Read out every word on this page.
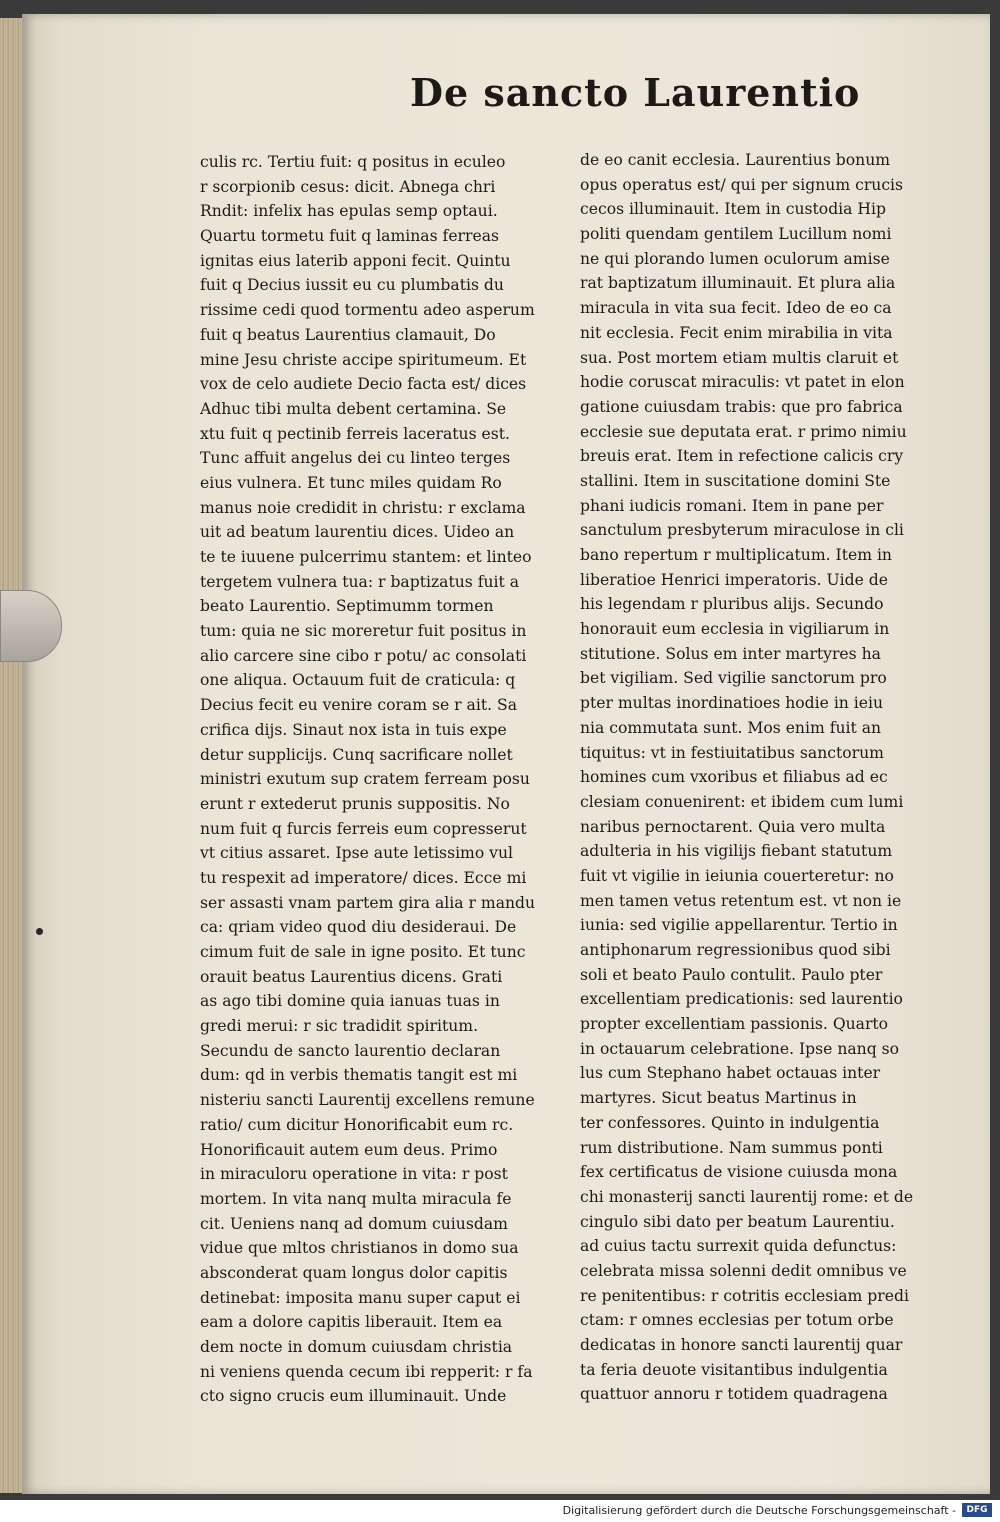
De sancto Laurentio
culis rc. Tertiu fuit: q positus in eculeo
r scorpionib cesus: dicit. Abnega chri
Rndit: infelix has epulas semp optaui.
Quartu tormetu fuit q laminas ferreas
ignitas eius laterib apponi fecit. Quintu
fuit q Decius iussit eu cu plumbatis du
rissime cedi quod tormentu adeo asperum
fuit q beatus Laurentius clamauit, Do
mine Jesu christe accipe spiritumeum. Et
vox de celo audiete Decio facta est/ dices
Adhuc tibi multa debent certamina. Se
xtu fuit q pectinib ferreis laceratus est.
Tunc affuit angelus dei cu linteo terges
eius vulnera. Et tunc miles quidam Ro
manus noie credidit in christu: r exclama
uit ad beatum laurentiu dices. Uideo an
te te iuuene pulcerrimu stantem: et linteo
tergetem vulnera tua: r baptizatus fuit a
beato Laurentio. Septimumm tormen
tum: quia ne sic moreretur fuit positus in
alio carcere sine cibo r potu/ ac consolati
one aliqua. Octauum fuit de craticula: q
Decius fecit eu venire coram se r ait. Sa
crifica dijs. Sinaut nox ista in tuis expe
detur supplicijs. Cunq sacrificare nollet
ministri exutum sup cratem ferream posu
erunt r extederut prunis suppositis. No
num fuit q furcis ferreis eum copresserut
vt citius assaret. Ipse aute letissimo vul
tu respexit ad imperatore/ dices. Ecce mi
ser assasti vnam partem gira alia r mandu
ca: qriam video quod diu desideraui. De
cimum fuit de sale in igne posito. Et tunc
orauit beatus Laurentius dicens. Grati
as ago tibi domine quia ianuas tuas in
gredi merui: r sic tradidit spiritum.
Secundu de sancto laurentio declaran
dum: qd in verbis thematis tangit est mi
nisteriu sancti Laurentij excellens remune
ratio/ cum dicitur Honorificabit eum rc.
Honorificauit autem eum deus. Primo
in miraculoru operatione in vita: r post
mortem. In vita nanq multa miracula fe
cit. Ueniens nanq ad domum cuiusdam
vidue que mltos christianos in domo sua
absconderat quam longus dolor capitis
detinebat: imposita manu super caput ei
eam a dolore capitis liberauit. Item ea
dem nocte in domum cuiusdam christia
ni veniens quenda cecum ibi repperit: r fa
cto signo crucis eum illuminauit. Unde
de eo canit ecclesia. Laurentius bonum
opus operatus est/ qui per signum crucis
cecos illuminauit. Item in custodia Hip
politi quendam gentilem Lucillum nomi
ne qui plorando lumen oculorum amise
rat baptizatum illuminauit. Et plura alia
miracula in vita sua fecit. Ideo de eo ca
nit ecclesia. Fecit enim mirabilia in vita
sua. Post mortem etiam multis claruit et
hodie coruscat miraculis: vt patet in elon
gatione cuiusdam trabis: que pro fabrica
ecclesie sue deputata erat. r primo nimiu
breuis erat. Item in refectione calicis cry
stallini. Item in suscitatione domini Ste
phani iudicis romani. Item in pane per
sanctulum presbyterum miraculose in cli
bano repertum r multiplicatum. Item in
liberatioe Henrici imperatoris. Uide de
his legendam r pluribus alijs. Secundo
honorauit eum ecclesia in vigiliarum in
stitutione. Solus em inter martyres ha
bet vigiliam. Sed vigilie sanctorum pro
pter multas inordinatioes hodie in ieiu
nia commutata sunt. Mos enim fuit an
tiquitus: vt in festiuitatibus sanctorum
homines cum vxoribus et filiabus ad ec
clesiam conuenirent: et ibidem cum lumi
naribus pernoctarent. Quia vero multa
adulteria in his vigilijs fiebant statutum
fuit vt vigilie in ieiunia couerteretur: no
men tamen vetus retentum est. vt non ie
iunia: sed vigilie appellarentur. Tertio in
antiphonarum regressionibus quod sibi
soli et beato Paulo contulit. Paulo pter
excellentiam predicationis: sed laurentio
propter excellentiam passionis. Quarto
in octauarum celebratione. Ipse nanq so
lus cum Stephano habet octauas inter
martyres. Sicut beatus Martinus in
ter confessores. Quinto in indulgentia
rum distributione. Nam summus ponti
fex certificatus de visione cuiusda mona
chi monasterij sancti laurentij rome: et de
cingulo sibi dato per beatum Laurentiu.
ad cuius tactu surrexit quida defunctus:
celebrata missa solenni dedit omnibus ve
re penitentibus: r cotritis ecclesiam predi
ctam: r omnes ecclesias per totum orbe
dedicatas in honore sancti laurentij quar
ta feria deuote visitantibus indulgentia
quattuor annoru r totidem quadragena
Digitalisierung gefördert durch die Deutsche Forschungsgemeinschaft -	DFG
